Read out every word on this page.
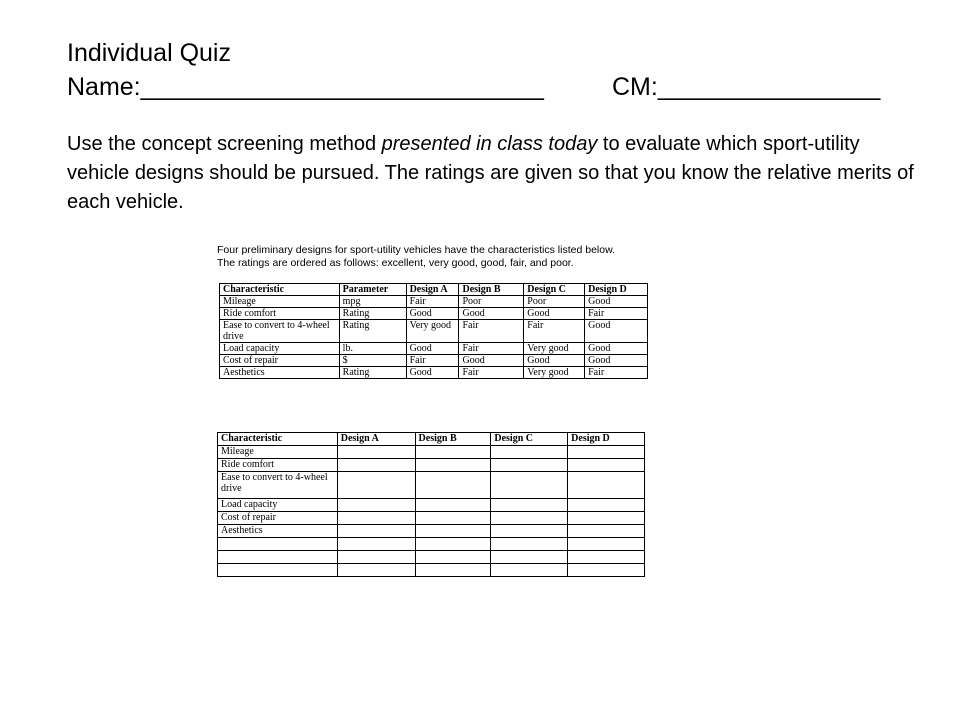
Individual Quiz
Name:_____________________________	CM:________________

Use the concept screening method presented in class today to evaluate which sport-utility vehicle designs should be pursued. The ratings are given so that you know the relative merits of each vehicle.

Four preliminary designs for sport-utility vehicles have the characteristics listed below.

The ratings are ordered as follows: excellent, very good, good, fair, and poor.

Characteristic	Parameter	Design A	Design B	Design C	Design D
Mileage	mpg	Fair	Poor	Poor	Good
Ride comfort	Rating	Good	Good	Good	Fair
Ease to convert to 4-wheel drive	Rating	Very good	Fair	Fair	Good
Load capacity	lb.	Good	Fair	Very good	Good
Cost of repair	$	Fair	Good	Good	Good
Aesthetics	Rating	Good	Fair	Very good	Fair
Characteristic	Design A	Design B	Design C	Design D
Mileage				
Ride comfort				
Ease to convert to 4-wheel drive				
Load capacity				
Cost of repair				
Aesthetics				
